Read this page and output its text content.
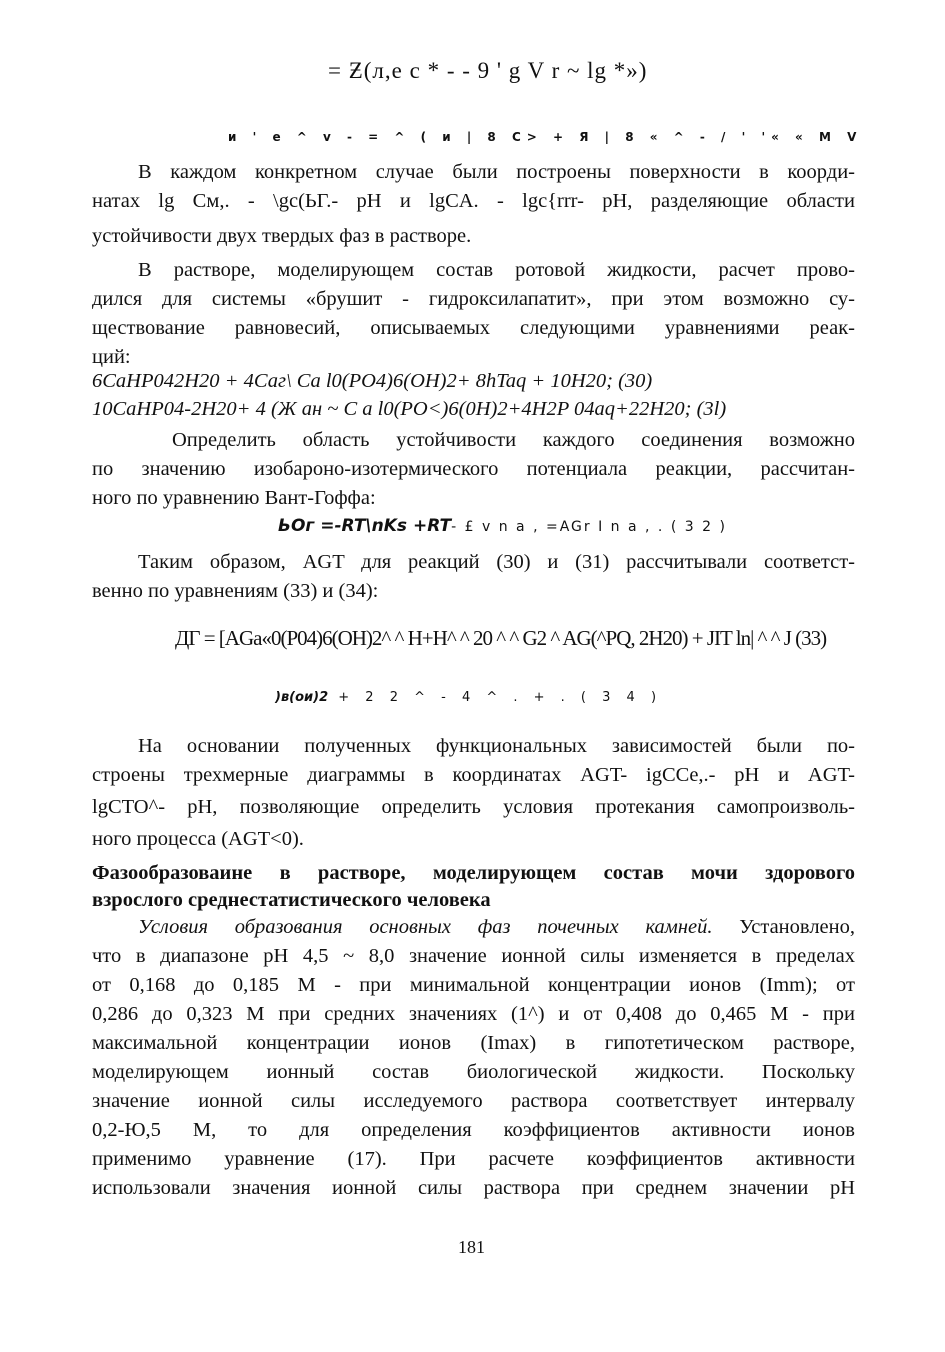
= Ƶ(л,е с * - - 9 ' g V r ~ lg *»)
и ' е ^ v - = ^ ( и | 8 С> + Я | 8 « ^ - / ' '« « М V
В каждом конкретном случае были построены поверхности в коорди-
натах lg См,. - \gc(ЬГ.- pH и lgCA. - lgc{rrr- pH, разделяющие области
устойчивости двух твердых фаз в растворе.
В растворе, моделирующем состав ротовой жидкости, расчет прово-
дился для системы «брушит - гидроксилапатит», при этом возможно су-
ществование равновесий, описываемых следующими уравнениями реак-
ций:
6CaHP042H20 + 4Саг\ Ca l0(PO4)6(OH)2+ 8hTaq + 10H20; (30)
10CaHP04-2H20+ 4 (Ж ан ~ C a l0(PO<)6(0H)2+4H2P 04aq+22H20; (3l)
Определить область устойчивости каждого соединения возможно
по значению изобароно-изотермического потенциала реакции, рассчитан-
ного по уравнению Вант-Гоффа:
ЬОг =-RT\nKs +RT- £ v n a , =AGr I n a , . ( 3 2 )
Таким образом, AGT для реакций (30) и (31) рассчитывали соответст-
венно по уравнениям (33) и (34):
ДГ = [AGa«0(P04)6(OH)2^ ^ H+H^ ^ 20 ^ ^ G2 ^ AG(^PQ, 2H20) + JIT ln| ^ ^ J (33)
)в(ои)2 + 2 2 ^ - 4 ^ . + . ( 3 4 )
На основании полученных функциональных зависимостей были по-
строены трехмерные диаграммы в координатах AGT- igCCe,.- pH и AGT-
lgCTO^- pH, позволяющие определить условия протекания самопроизволь-
ного процесса (AGT<0).
Фазообразоваине в растворе, моделирующем состав мочи здорового
взрослого среднестатистического человека
Условия образования основных фаз почечных камней. Установлено,
что в диапазоне pH 4,5 ~ 8,0 значение ионной силы изменяется в пределах
от 0,168 до 0,185 М - при минимальной концентрации ионов (Imm); от
0,286 до 0,323 М при средних значениях (1^) и от 0,408 до 0,465 М - при
максимальной концентрации ионов (Imax) в гипотетическом растворе,
моделирующем ионный состав биологической жидкости. Поскольку
значение ионной силы исследуемого раствора соответствует интервалу
0,2-Ю,5 М, то для определения коэффициентов активности ионов
применимо уравнение (17). При расчете коэффициентов активности
использовали значения ионной силы раствора при среднем значении pH
181
